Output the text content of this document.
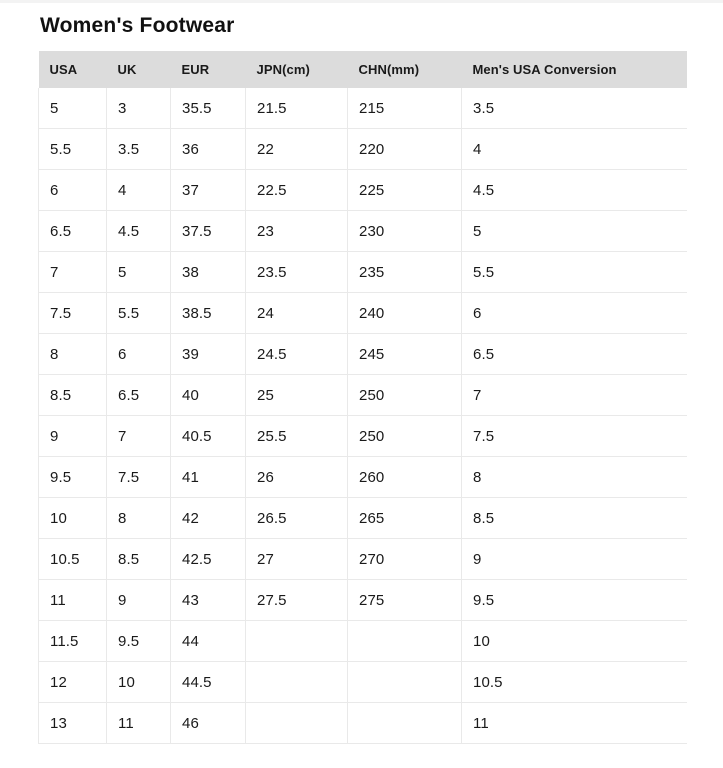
Women's Footwear
USA	UK	EUR	JPN(cm)	CHN(mm)	Men's USA Conversion
5	3	35.5	21.5	215	3.5
5.5	3.5	36	22	220	4
6	4	37	22.5	225	4.5
6.5	4.5	37.5	23	230	5
7	5	38	23.5	235	5.5
7.5	5.5	38.5	24	240	6
8	6	39	24.5	245	6.5
8.5	6.5	40	25	250	7
9	7	40.5	25.5	250	7.5
9.5	7.5	41	26	260	8
10	8	42	26.5	265	8.5
10.5	8.5	42.5	27	270	9
11	9	43	27.5	275	9.5
11.5	9.5	44			10
12	10	44.5			10.5
13	11	46			11
